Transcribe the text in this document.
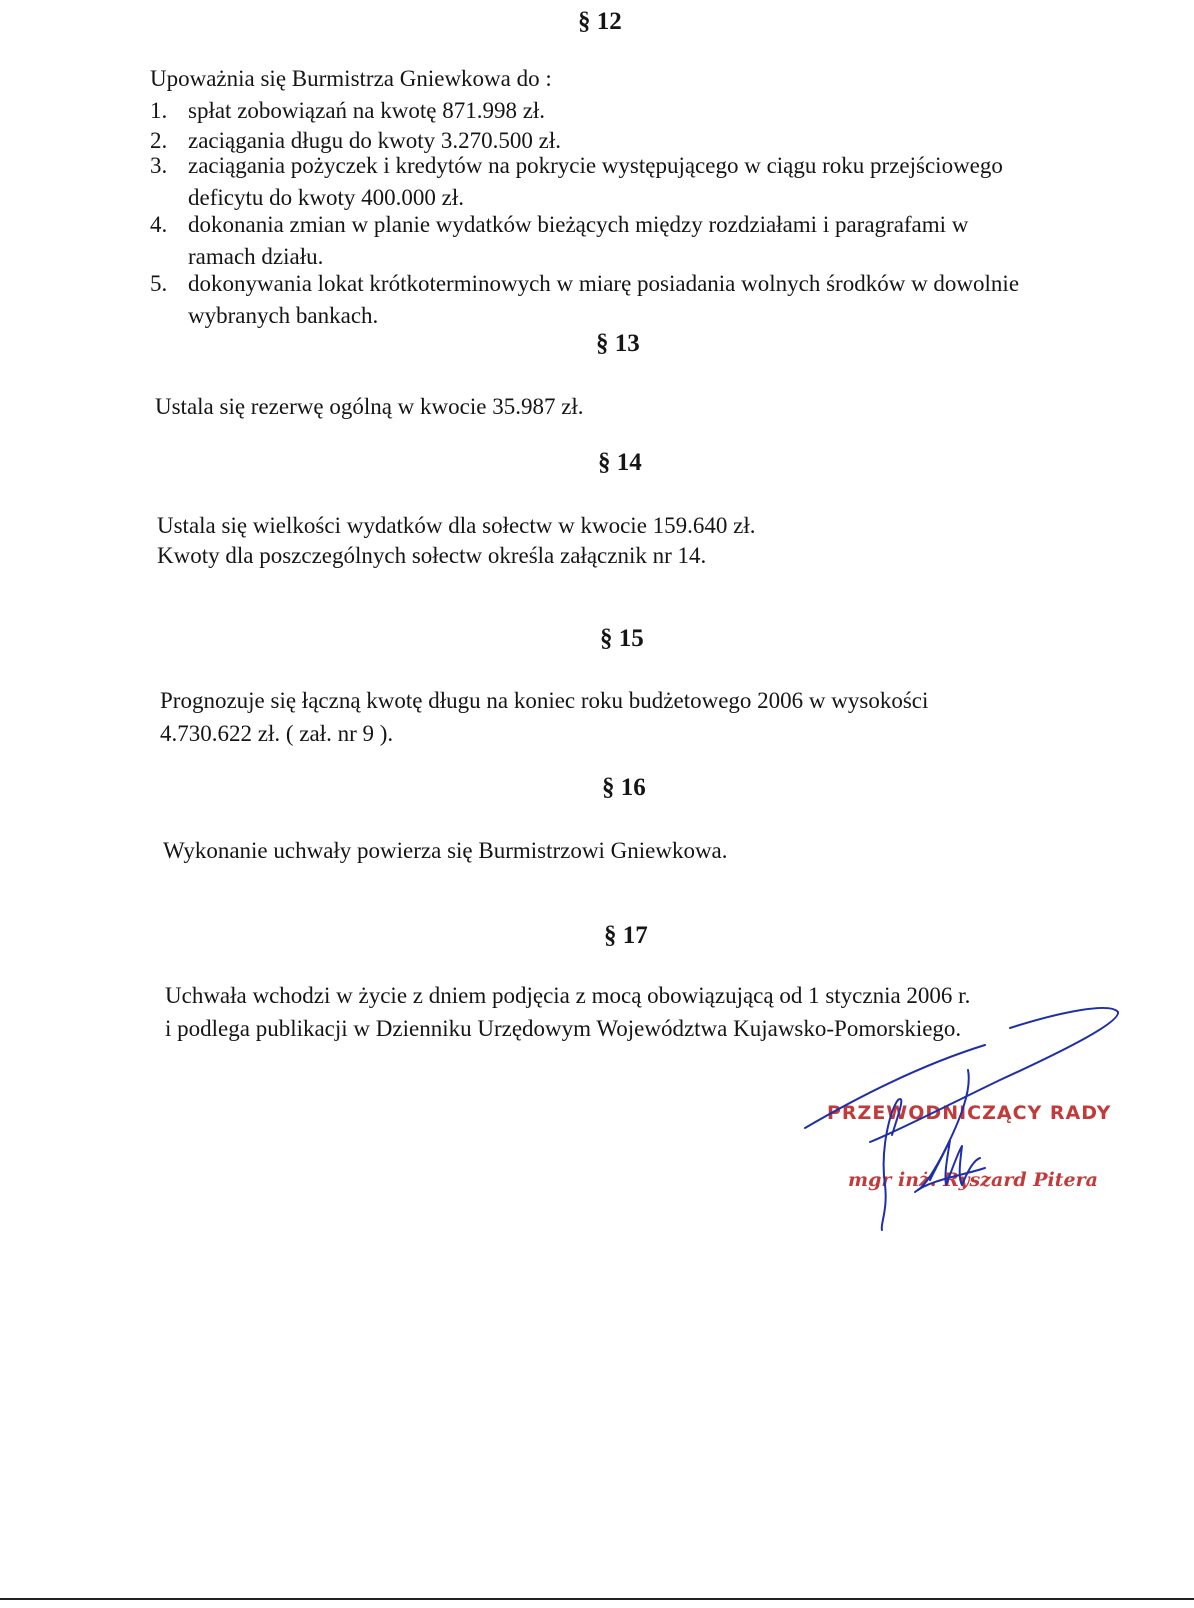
§ 12
Upoważnia się Burmistrza Gniewkowa do :
1. spłat zobowiązań na kwotę 871.998 zł.
2. zaciągania długu do kwoty 3.270.500 zł.
3. zaciągania pożyczek i kredytów na pokrycie występującego w ciągu roku przejściowego
deficytu do kwoty 400.000 zł.
4. dokonania zmian w planie wydatków bieżących między rozdziałami i paragrafami w
ramach działu.
5. dokonywania lokat krótkoterminowych w miarę posiadania wolnych środków w dowolnie
wybranych bankach.
§ 13
Ustala się rezerwę ogólną w kwocie 35.987 zł.
§ 14
Ustala się wielkości wydatków dla sołectw w kwocie 159.640 zł.
Kwoty dla poszczególnych sołectw określa załącznik nr 14.
§ 15
Prognozuje się łączną kwotę długu na koniec roku budżetowego 2006 w wysokości
4.730.622 zł. ( zał. nr 9 ).
§ 16
Wykonanie uchwały powierza się Burmistrzowi Gniewkowa.
§ 17
Uchwała wchodzi w życie z dniem podjęcia z mocą obowiązującą od 1 stycznia 2006 r.
i podlega publikacji w Dzienniku Urzędowym Województwa Kujawsko-Pomorskiego.
PRZEWODNICZĄCY RADY
mgr inż. Ryszard Pitera
